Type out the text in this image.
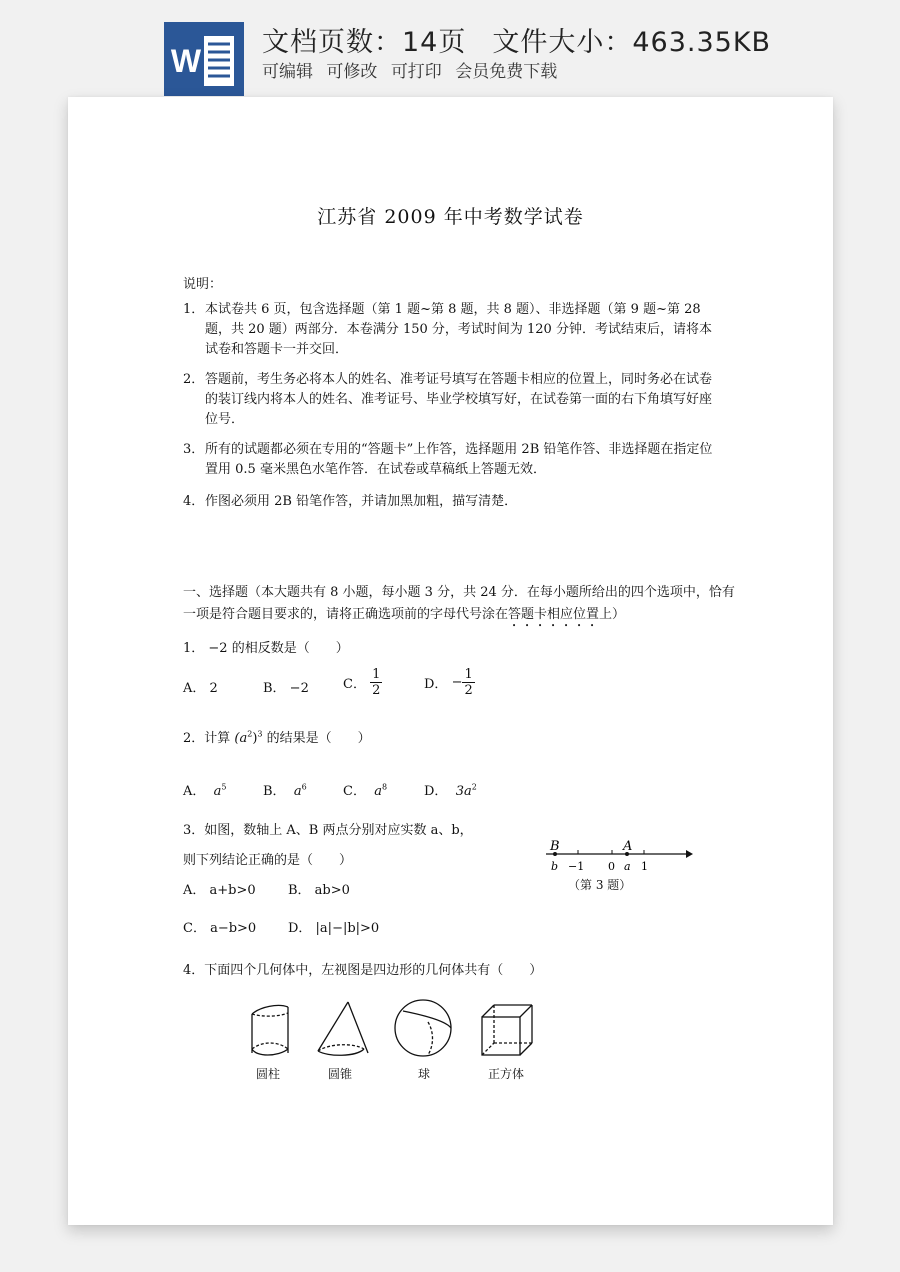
W
文档页数：14页 文件大小：463.35KB
可编辑 可修改 可打印 会员免费下载
江苏省 2009 年中考数学试卷
说明：
1． 本试卷共 6 页，包含选择题（第 1 题~第 8 题，共 8 题）、非选择题（第 9 题~第 28 题，共 20 题）两部分．本卷满分 150 分，考试时间为 120 分钟．考试结束后，请将本试卷和答题卡一并交回．
2． 答题前，考生务必将本人的姓名、准考证号填写在答题卡相应的位置上，同时务必在试卷的装订线内将本人的姓名、准考证号、毕业学校填写好，在试卷第一面的右下角填写好座位号．
3． 所有的试题都必须在专用的“答题卡”上作答，选择题用 2B 铅笔作答、非选择题在指定位置用 0.5 毫米黑色水笔作答．在试卷或草稿纸上答题无效．
4． 作图必须用 2B 铅笔作答，并请加黑加粗，描写清楚．
一、选择题（本大题共有 8 小题，每小题 3 分，共 24 分．在每小题所给出的四个选项中，恰有一项是符合题目要求的，请将正确选项前的字母代号涂在答题卡相应位置上）
1． −2 的相反数是（　　）
A． 2	B． −2	C． $\frac{1}{2}$	D． − $\frac{1}{2}$
2．计算 $(a^2)^3$ 的结果是（　　）
A． $a^5$	B． $a^6$	C． $a^8$	D． $3a^2$
3．如图，数轴上 A、B 两点分别对应实数 a、b，
则下列结论正确的是（　　）
A． a+b>0 B． ab>0
C． a−b>0 D． |a|−|b|>0
B	A
b −1 0 a 1
（第 3 题）
4．下面四个几何体中，左视图是四边形的几何体共有（　　）
圆柱	圆锥	球	正方体
